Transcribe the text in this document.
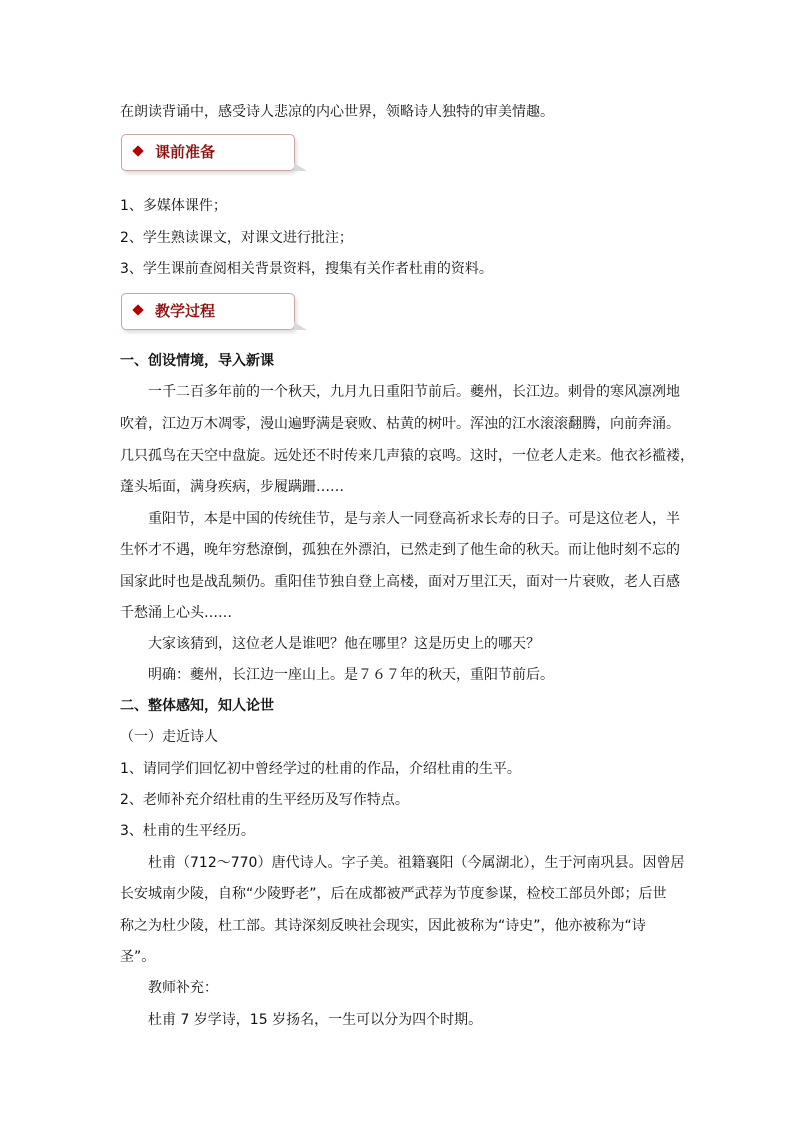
在朗读背诵中，感受诗人悲凉的内心世界，领略诗人独特的审美情趣。
课前准备
1、多媒体课件；
2、学生熟读课文，对课文进行批注；
3、学生课前查阅相关背景资料，搜集有关作者杜甫的资料。
教学过程
一、创设情境，导入新课
一千二百多年前的一个秋天，九月九日重阳节前后。夔州，长江边。刺骨的寒风凛冽地
吹着，江边万木凋零，漫山遍野满是衰败、枯黄的树叶。浑浊的江水滚滚翻腾，向前奔涌。
几只孤鸟在天空中盘旋。远处还不时传来几声猿的哀鸣。这时，一位老人走来。他衣衫褴褛，
蓬头垢面，满身疾病，步履蹒跚……
重阳节，本是中国的传统佳节，是与亲人一同登高祈求长寿的日子。可是这位老人，半
生怀才不遇，晚年穷愁潦倒，孤独在外漂泊，已然走到了他生命的秋天。而让他时刻不忘的
国家此时也是战乱频仍。重阳佳节独自登上高楼，面对万里江天，面对一片衰败，老人百感
千愁涌上心头……
大家该猜到，这位老人是谁吧？他在哪里？这是历史上的哪天？
明确：夔州，长江边一座山上。是７６７年的秋天，重阳节前后。
二、整体感知，知人论世
（一）走近诗人
1、请同学们回忆初中曾经学过的杜甫的作品，介绍杜甫的生平。
2、老师补充介绍杜甫的生平经历及写作特点。
3、杜甫的生平经历。
杜甫（712～770）唐代诗人。字子美。祖籍襄阳（今属湖北），生于河南巩县。因曾居
长安城南少陵，自称“少陵野老”，后在成都被严武荐为节度参谋，检校工部员外郎；后世
称之为杜少陵，杜工部。其诗深刻反映社会现实，因此被称为“诗史”，他亦被称为“诗
圣”。
教师补充：
杜甫 7 岁学诗，15 岁扬名，一生可以分为四个时期。
